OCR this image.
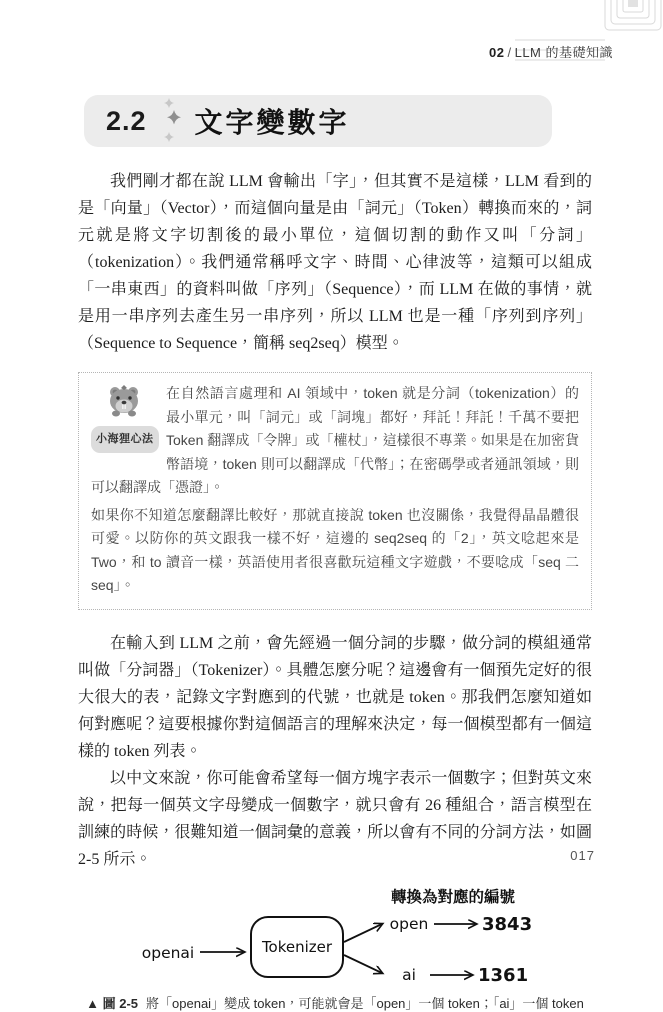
02 / LLM 的基礎知識
2.2 文字變數字

我們剛才都在說 LLM 會輸出「字」，但其實不是這樣，LLM 看到的是「向量」（Vector），而這個向量是由「詞元」（Token）轉換而來的，詞元就是將文字切割後的最小單位，這個切割的動作又叫「分詞」（tokenization）。我們通常稱呼文字、時間、心律波等，這類可以組成「一串東西」的資料叫做「序列」（Sequence），而 LLM 在做的事情，就是用一串序列去產生另一串序列，所以 LLM 也是一種「序列到序列」（Sequence to Sequence，簡稱 seq2seq）模型。

小海狸心法

在自然語言處理和 AI 領域中，token 就是分詞（tokenization）的最小單元，叫「詞元」或「詞塊」都好，拜託！拜託！千萬不要把 Token 翻譯成「令牌」或「權杖」，這樣很不專業。如果是在加密貨幣語境，token 則可以翻譯成「代幣」；在密碼學或者通訊領域，則可以翻譯成「憑證」。

如果你不知道怎麼翻譯比較好，那就直接說 token 也沒關係，我覺得晶晶體很可愛。以防你的英文跟我一樣不好，這邊的 seq2seq 的「2」，英文唸起來是 Two，和 to 讀音一樣，英語使用者很喜歡玩這種文字遊戲，不要唸成「seq 二 seq」。

在輸入到 LLM 之前，會先經過一個分詞的步驟，做分詞的模組通常叫做「分詞器」（Tokenizer）。具體怎麼分呢？這邊會有一個預先定好的很大很大的表，記錄文字對應到的代號，也就是 token。那我們怎麼知道如何對應呢？這要根據你對這個語言的理解來決定，每一個模型都有一個這樣的 token 列表。

以中文來說，你可能會希望每一個方塊字表示一個數字；但對英文來說，把每一個英文字母變成一個數字，就只會有 26 種組合，語言模型在訓練的時候，很難知道一個詞彙的意義，所以會有不同的分詞方法，如圖 2-5 所示。

轉換為對應的編號
openai	Tokenizer
open	3843
ai	1361
▲ 圖 2-5 將「openai」變成 token，可能就會是「open」一個 token；「ai」一個 token
017
